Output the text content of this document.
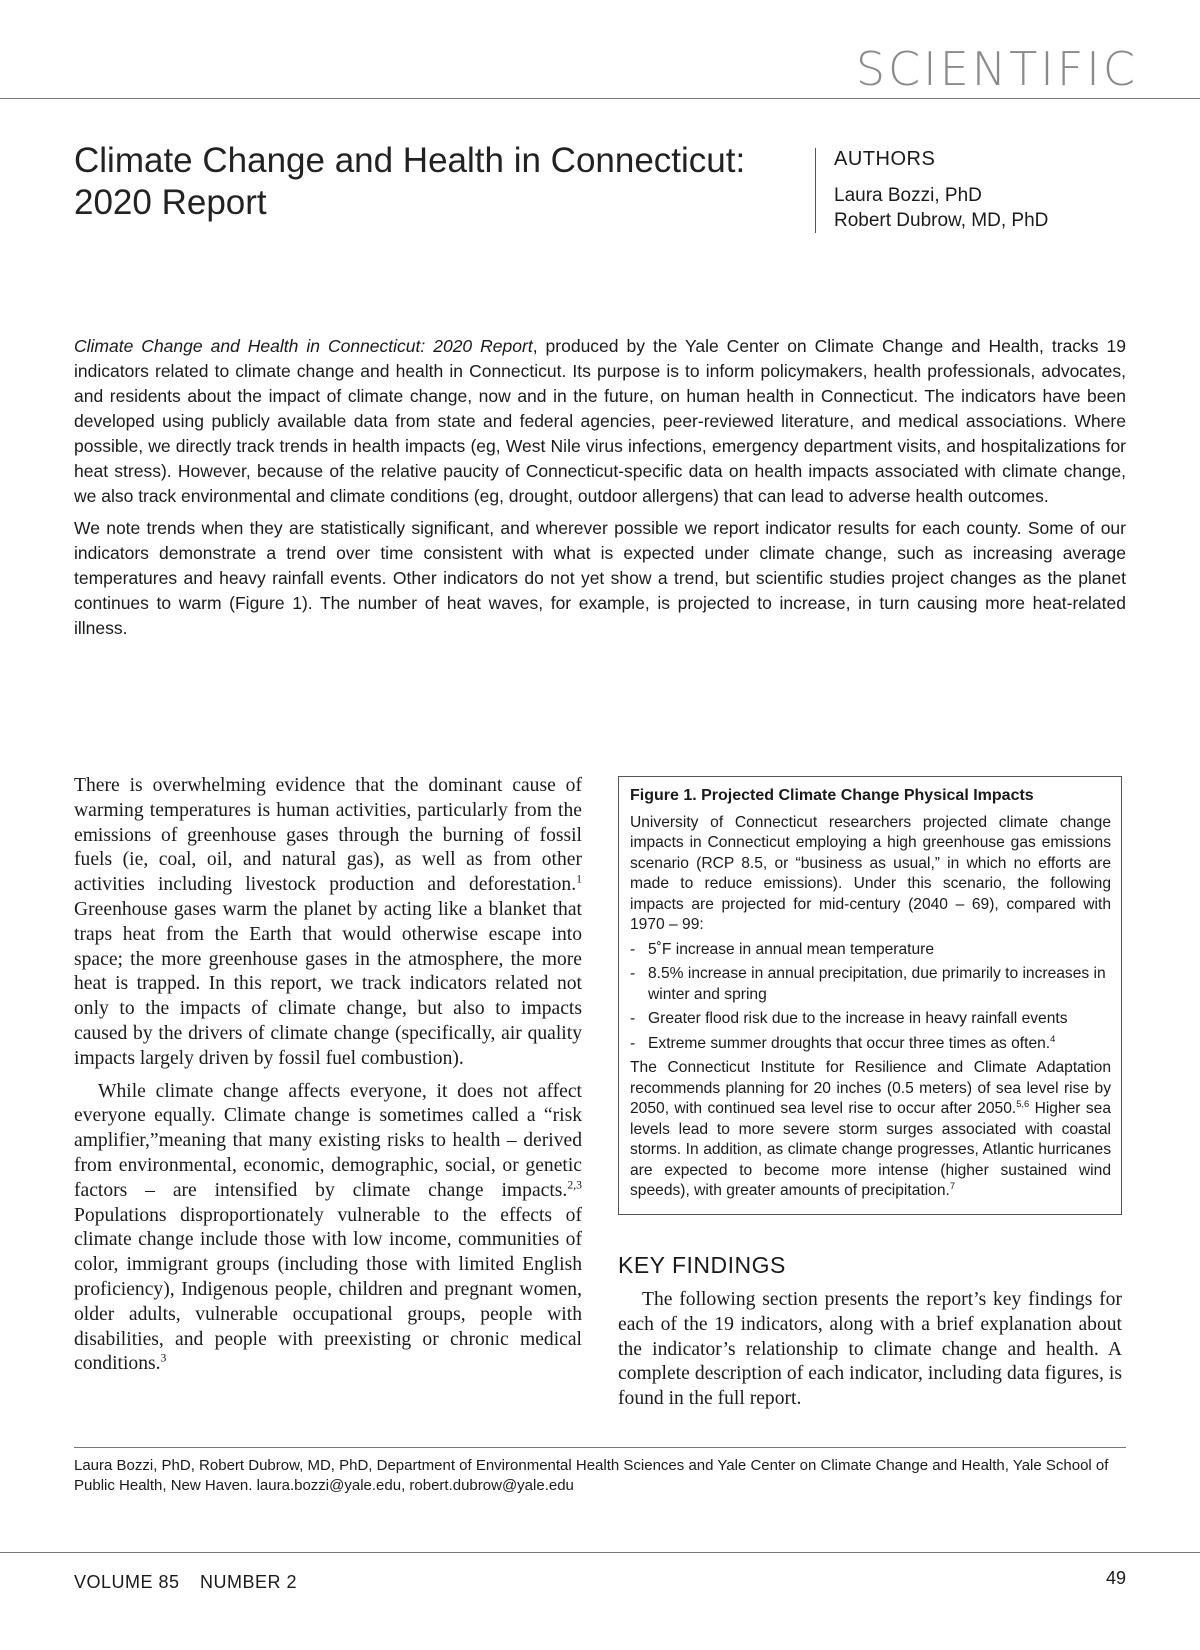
SCIENTIFIC
Climate Change and Health in Connecticut:
2020 Report
AUTHORS
Laura Bozzi, PhD
Robert Dubrow, MD, PhD

Climate Change and Health in Connecticut: 2020 Report, produced by the Yale Center on Climate Change and Health, tracks 19 indicators related to climate change and health in Connecticut. Its purpose is to inform policymakers, health professionals, advocates, and residents about the impact of climate change, now and in the future, on human health in Connecticut. The indicators have been developed using publicly available data from state and federal agencies, peer-reviewed literature, and medical associations. Where possible, we directly track trends in health impacts (eg, West Nile virus infections, emergency department visits, and hospitalizations for heat stress). However, because of the relative paucity of Connecticut-specific data on health impacts associated with climate change, we also track environmental and climate conditions (eg, drought, outdoor allergens) that can lead to adverse health outcomes.

We note trends when they are statistically significant, and wherever possible we report indicator results for each county. Some of our indicators demonstrate a trend over time consistent with what is expected under climate change, such as increasing average temperatures and heavy rainfall events. Other indicators do not yet show a trend, but scientific studies project changes as the planet continues to warm (Figure 1). The number of heat waves, for example, is projected to increase, in turn causing more heat-related illness.

There is overwhelming evidence that the dominant cause of warming temperatures is human activities, particularly from the emissions of greenhouse gases through the burning of fossil fuels (ie, coal, oil, and natural gas), as well as from other activities including livestock production and deforestation.$^1$ Greenhouse gases warm the planet by acting like a blanket that traps heat from the Earth that would otherwise escape into space; the more greenhouse gases in the atmosphere, the more heat is trapped. In this report, we track indicators related not only to the impacts of climate change, but also to impacts caused by the drivers of climate change (specifically, air quality impacts largely driven by fossil fuel combustion).

While climate change affects everyone, it does not affect everyone equally. Climate change is sometimes called a “risk amplifier,”meaning that many existing risks to health – derived from environmental, economic, demographic, social, or genetic factors – are intensified by climate change impacts.$^{2,3}$ Populations disproportionately vulnerable to the effects of climate change include those with low income, communities of color, immigrant groups (including those with limited English proficiency), Indigenous people, children and pregnant women, older adults, vulnerable occupational groups, people with disabilities, and people with preexisting or chronic medical conditions.$^3$

Figure 1. Projected Climate Change Physical Impacts

University of Connecticut researchers projected climate change impacts in Connecticut employing a high greenhouse gas emissions scenario (RCP 8.5, or “business as usual,” in which no efforts are made to reduce emissions). Under this scenario, the following impacts are projected for mid-century (2040 – 69), compared with 1970 – 99:

- 5˚F increase in annual mean temperature
- 8.5% increase in annual precipitation, due primarily to increases in winter and spring
- Greater flood risk due to the increase in heavy rainfall events
- Extreme summer droughts that occur three times as often.$^4$

The Connecticut Institute for Resilience and Climate Adaptation recommends planning for 20 inches (0.5 meters) of sea level rise by 2050, with continued sea level rise to occur after 2050.$^{5,6}$ Higher sea levels lead to more severe storm surges associated with coastal storms. In addition, as climate change progresses, Atlantic hurricanes are expected to become more intense (higher sustained wind speeds), with greater amounts of precipitation.$^7$

KEY FINDINGS

The following section presents the report’s key findings for each of the 19 indicators, along with a brief explanation about the indicator’s relationship to climate change and health. A complete description of each indicator, including data figures, is found in the full report.

Laura Bozzi, PhD, Robert Dubrow, MD, PhD, Department of Environmental Health Sciences and Yale Center on Climate Change and Health, Yale School of Public Health, New Haven. laura.bozzi@yale.edu, robert.dubrow@yale.edu

VOLUME 85 NUMBER 2	49
